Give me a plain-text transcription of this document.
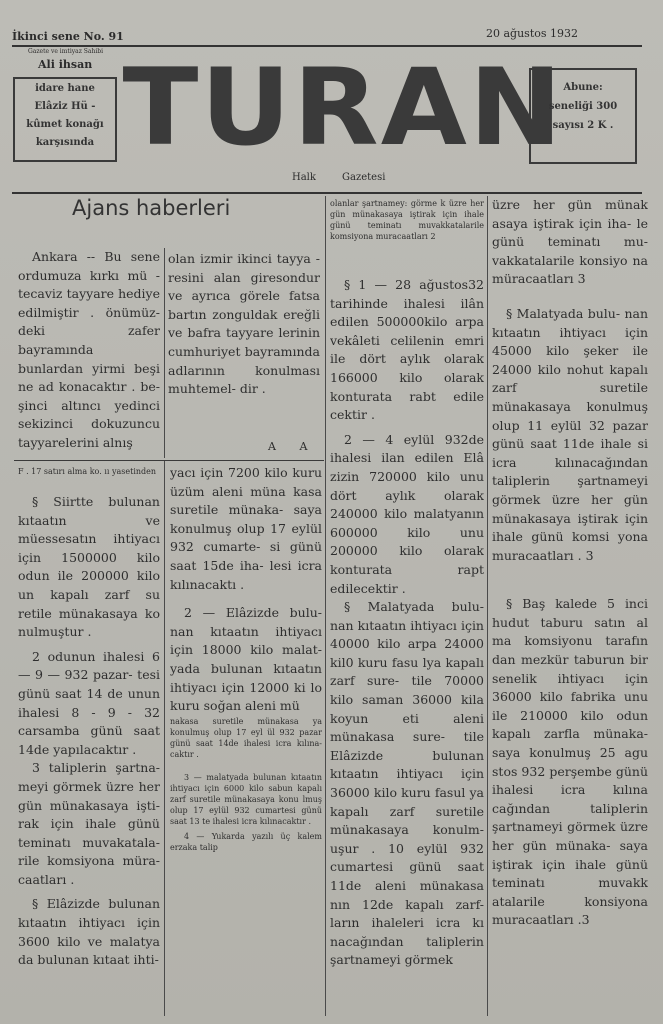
İkinci sene No. 91	20 ağustos 1932
Gazete ve imtiyaz Sahibi
Ali ihsan
idare hane
Elâziz Hü -
kûmet konağı
karşısında TURAN Abune:
seneliği 300
sayısı 2 K .
Halk	Gazetesi
Ajans haberleri

Ankara -- Bu sene ordumuza kırkı mü - tecaviz tayyare hediye edilmiştir . önümüz- deki zafer bayramında bunlardan yirmi beşi ne ad konacaktır . be- şinci altıncı yedinci sekizinci dokuzuncu tayyarelerini alnış

olan izmir ikinci tayya - resini alan giresondur ve ayrıca görele fatsa bartın zonguldak ereğli ve bafra tayyare lerinin cumhuriyet bayramında adlarının konulması muhtemel- dir .

A A

F . 17 satırı alma ko. ıı yasetinden

§ Siirtte bulunan kıtaatın ve müessesatın ihtiyacı için 1500000 kilo odun ile 200000 kilo un kapalı zarf su retile münakasaya ko nulmuştur .

2 odunun ihalesi 6 — 9 — 932 pazar- tesi günü saat 14 de unun ihalesi 8 - 9 - 32 carsamba günü saat 14de yapılacaktır .

3 taliplerin şartna- meyi görmek üzre her gün münakasaya işti- rak için ihale günü teminatı muvakatala- rile komsiyona müra- caatları .

§ Elâzizde bulunan kıtaatın ihtiyacı için 3600 kilo ve malatya da bulunan kıtaat ihti-

yacı için 7200 kilo kuru üzüm aleni müna kasa suretile münaka- saya konulmuş olup 17 eylül 932 cumarte- si günü saat 15de iha- lesi icra kılınacaktı .

2 — Elâzizde bulu- nan kıtaatın ihtiyacı için 18000 kilo malat- yada bulunan kıtaatın ihtiyacı için 12000 ki lo kuru soğan aleni mü

nakasa suretile münakasa ya konulmuş olup 17 eyl ül 932 pazar günü saat 14de ihalesi icra kılına- caktır .

3 — malatyada bulunan kıtaatın ihtiyacı için 6000 kilo sabun kapalı zarf suretile münakasaya konu lmuş olup 17 eylül 932 cumartesi günü saat 13 te ihalesi icra kılınacaktır .

4 — Yukarda yazılı üç kalem erzaka talip

olanlar şartnamey: görme k üzre her gün münakasaya iştirak için ihale günü teminatı muvakkatalarile komsiyona muracaatları 2

§ 1 — 28 ağustos32 tarihinde ihalesi ilân edilen 500000kilo arpa vekâleti celilenin emri ile dört aylık olarak 166000 kilo olarak konturata rabt edile cektir .

2 — 4 eylül 932de ihalesi ilan edilen Elâ zizin 720000 kilo unu dört aylık olarak 240000 kilo malatyanın 600000 kilo unu 200000 kilo olarak konturata rapt edilecektir .

§ Malatyada bulu- nan kıtaatın ihtiyacı için 40000 kilo arpa 24000 kil0 kuru fasu lya kapalı zarf sure- tile 70000 kilo saman 36000 kila koyun eti aleni münakasa sure- tile Elâzizde bulunan kıtaatın ihtiyacı için 36000 kilo kuru fasul ya kapalı zarf suretile münakasaya konulm- uşur . 10 eylül 932 cumartesi günü saat 11de aleni münakasa nın 12de kapalı zarf- ların ihaleleri icra kı nacağından taliplerin şartnameyi görmek

üzre her gün münak asaya iştirak için iha- le günü teminatı mu- vakkatalarile konsiyo na müracaatları 3

§ Malatyada bulu- nan kıtaatın ihtiyacı için 45000 kilo şeker ile 24000 kilo nohut kapalı zarf suretile münakasaya konulmuş olup 11 eylül 32 pazar günü saat 11de ihale si icra kılınacağından taliplerin şartnameyi görmek üzre her gün münakasaya iştirak için ihale günü komsi yona muracaatları . 3

§ Baş kalede 5 inci hudut taburu satın al ma komsiyonu tarafın dan mezkür taburun bir senelik ihtiyacı için 36000 kilo fabrika unu ile 210000 kilo odun kapalı zarfla münaka- saya konulmuş 25 agu stos 932 perşembe günü ihalesi icra kılına cağından taliplerin şartnameyi görmek üzre her gün münaka- saya iştirak için ihale günü teminatı muvakk atalarile konsiyona muracaatları .3
